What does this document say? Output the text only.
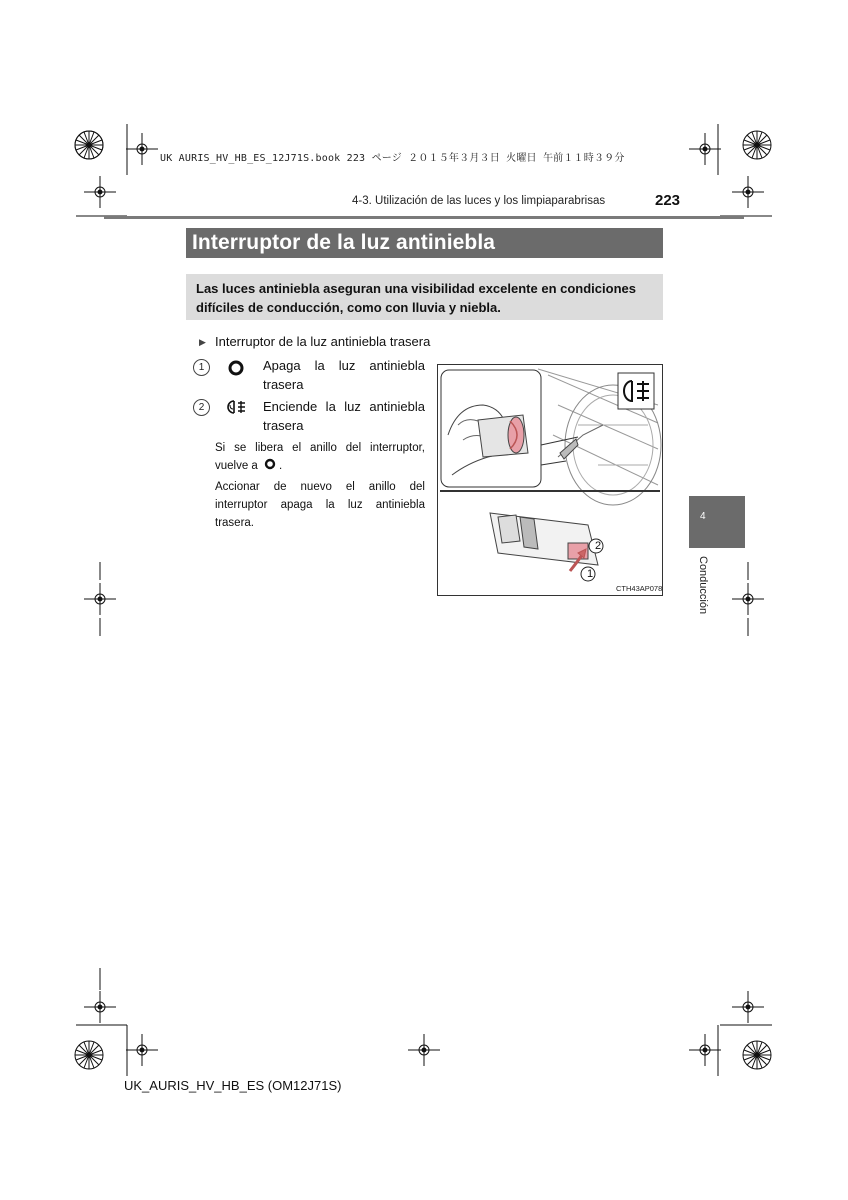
UK AURIS_HV_HB_ES_12J71S.book 223 ページ ２０１５年３月３日 火曜日 午前１１時３９分
4-3. Utilización de las luces y los limpiaparabrisas	223
Interruptor de la luz antiniebla
Las luces antiniebla aseguran una visibilidad excelente en condiciones difíciles de conducción, como con lluvia y niebla.
▶ Interruptor de la luz antiniebla trasera
1	Apaga la luz antiniebla trasera
2	Enciende la luz antiniebla trasera
Si se libera el anillo del interruptor, vuelve a .
Accionar de nuevo el anillo del interruptor apaga la luz antiniebla trasera.
2
1
CTH43AP078
4
Conducción
UK_AURIS_HV_HB_ES (OM12J71S)
